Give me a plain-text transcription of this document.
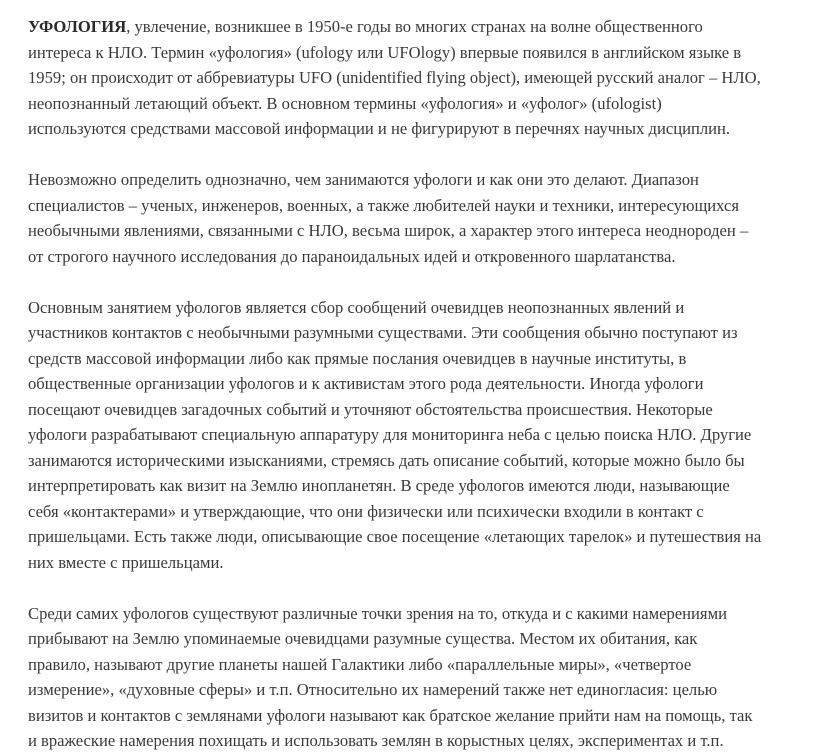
УФОЛОГИЯ, увлечение, возникшее в 1950-е годы во многих странах на волне общественного
интереса к НЛО. Термин «уфология» (ufology или UFOlogy) впервые появился в английском языке в
1959; он происходит от аббревиатуры UFO (unidentified flying object), имеющей русский аналог – НЛО,
неопознанный летающий объект. В основном термины «уфология» и «уфолог» (ufologist)
используются средствами массовой информации и не фигурируют в перечнях научных дисциплин.

Невозможно определить однозначно, чем занимаются уфологи и как они это делают. Диапазон
специалистов – ученых, инженеров, военных, а также любителей науки и техники, интересующихся
необычными явлениями, связанными с НЛО, весьма широк, а характер этого интереса неоднороден –
от строгого научного исследования до параноидальных идей и откровенного шарлатанства.

Основным занятием уфологов является сбор сообщений очевидцев неопознанных явлений и
участников контактов с необычными разумными существами. Эти сообщения обычно поступают из
средств массовой информации либо как прямые послания очевидцев в научные институты, в
общественные организации уфологов и к активистам этого рода деятельности. Иногда уфологи
посещают очевидцев загадочных событий и уточняют обстоятельства происшествия. Некоторые
уфологи разрабатывают специальную аппаратуру для мониторинга неба с целью поиска НЛО. Другие
занимаются историческими изысканиями, стремясь дать описание событий, которые можно было бы
интерпретировать как визит на Землю инопланетян. В среде уфологов имеются люди, называющие
себя «контактерами» и утверждающие, что они физически или психически входили в контакт с
пришельцами. Есть также люди, описывающие свое посещение «летающих тарелок» и путешествия на
них вместе с пришельцами.

Среди самих уфологов существуют различные точки зрения на то, откуда и с какими намерениями
прибывают на Землю упоминаемые очевидцами разумные существа. Местом их обитания, как
правило, называют другие планеты нашей Галактики либо «параллельные миры», «четвертое
измерение», «духовные сферы» и т.п. Относительно их намерений также нет единогласия: целью
визитов и контактов с землянами уфологи называют как братское желание прийти нам на помощь, так
и вражеские намерения похищать и использовать землян в корыстных целях, экспериментах и т.п.
